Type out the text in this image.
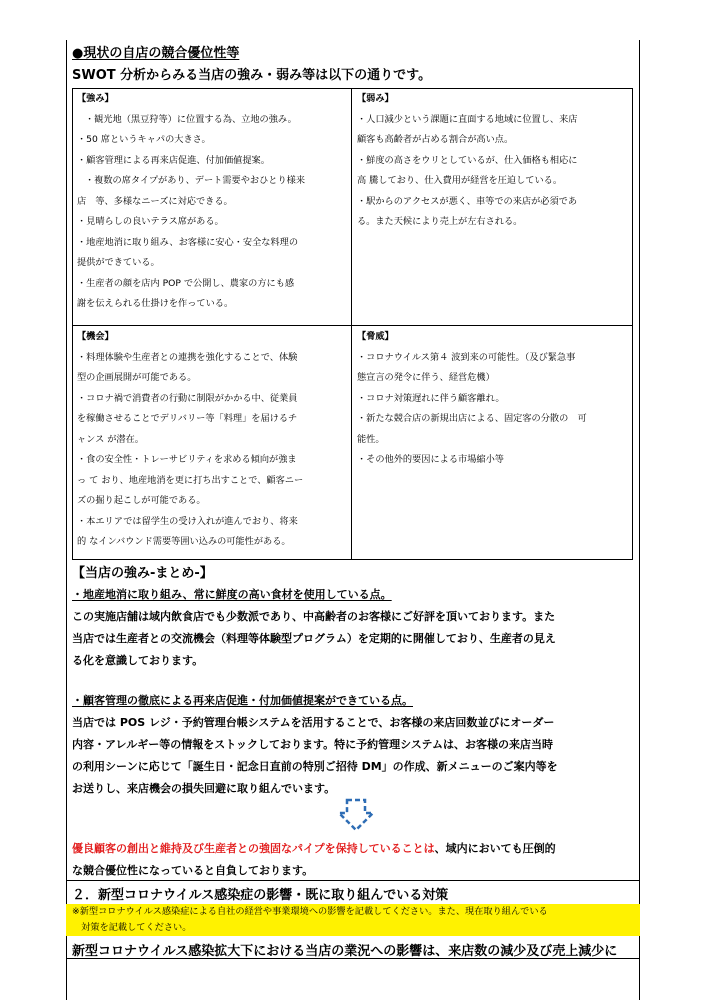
●現状の自店の競合優位性等
SWOT 分析からみる当店の強み・弱み等は以下の通りです。
【強み】
・観光地（黒豆狩等）に位置する為、立地の強み。
・50 席というキャパの大きさ。
・顧客管理による再来店促進、付加価値提案。
・複数の席タイプがあり、デート需要やおひとり様来
店　等、多様なニーズに対応できる。
・見晴らしの良いテラス席がある。
・地産地消に取り組み、お客様に安心・安全な料理の
提供ができている。
・生産者の顔を店内 POP で公開し、農家の方にも感
謝を伝えられる仕掛けを作っている。
【弱み】
・人口減少という課題に直面する地域に位置し、来店
顧客も高齢者が占める割合が高い点。
・鮮度の高さをウリとしているが、仕入価格も相応に
高 騰しており、仕入費用が経営を圧迫している。
・駅からのアクセスが悪く、車等での来店が必須であ
る。また天候により売上が左右される。
【機会】
・料理体験や生産者との連携を強化することで、体験
型の企画展開が可能である。
・コロナ禍で消費者の行動に制限がかかる中、従業員
を稼働させることでデリバリー等「料理」を届けるチ
ャンス が潜在。
・食の安全性・トレーサビリティを求める傾向が強ま
っ て おり、地産地消を更に打ち出すことで、顧客ニー
ズの掘り起こしが可能である。
・本エリアでは留学生の受け入れが進んでおり、将来
的 なインバウンド需要等囲い込みの可能性がある。
【脅威】
・コロナウイルス第４ 波到来の可能性。（及び緊急事
態宣言の発令に伴う、経営危機）
・コロナ対策遅れに伴う顧客離れ。
・新たな競合店の新規出店による、固定客の分散の　可
能性。
・その他外的要因による市場縮小等
【当店の強み-まとめ-】
・地産地消に取り組み、常に鮮度の高い食材を使用している点。
この実施店舗は域内飲食店でも少数派であり、中高齢者のお客様にご好評を頂いております。また
当店では生産者との交流機会（料理等体験型プログラム）を定期的に開催しており、生産者の見え
る化を意識しております。
・顧客管理の徹底による再来店促進・付加価値提案ができている点。
当店では POS レジ・予約管理台帳システムを活用することで、お客様の来店回数並びにオーダー
内容・アレルギー等の情報をストックしております。特に予約管理システムは、お客様の来店当時
の利用シーンに応じて「誕生日・記念日直前の特別ご招待 DM」の作成、新メニューのご案内等を
お送りし、来店機会の損失回避に取り組んでいます。
優良顧客の創出と維持及び生産者との強固なパイプを保持していることは、域内においても圧倒的
な競合優位性になっていると自負しております。
２．新型コロナウイルス感染症の影響・既に取り組んでいる対策
※新型コロナウイルス感染症による自社の経営や事業環境への影響を記載してください。また、現在取り組んでいる
　対策を記載してください。
新型コロナウイルス感染拡大下における当店の業況への影響は、来店数の減少及び売上減少に
